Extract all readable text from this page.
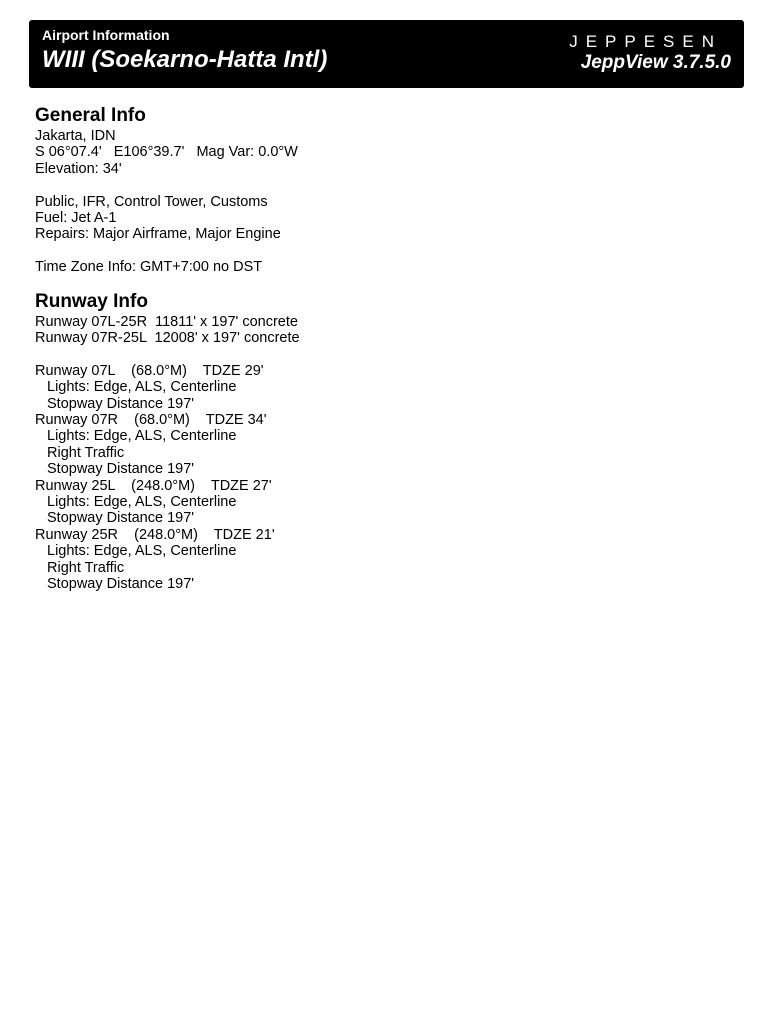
Airport Information
WIII (Soekarno-Hatta Intl)
JEPPESEN
JeppView 3.7.5.0
General Info

Jakarta, IDN

S 06°07.4'   E106°39.7'   Mag Var: 0.0°W

Elevation: 34'

Public, IFR, Control Tower, Customs

Fuel: Jet A-1

Repairs: Major Airframe, Major Engine

Time Zone Info: GMT+7:00 no DST

Runway Info

Runway 07L-25R  11811' x 197' concrete

Runway 07R-25L  12008' x 197' concrete

Runway 07L    (68.0°M)    TDZE 29'

Lights: Edge, ALS, Centerline

Stopway Distance 197'

Runway 07R    (68.0°M)    TDZE 34'

Lights: Edge, ALS, Centerline

Right Traffic

Stopway Distance 197'

Runway 25L    (248.0°M)    TDZE 27'

Lights: Edge, ALS, Centerline

Stopway Distance 197'

Runway 25R    (248.0°M)    TDZE 21'

Lights: Edge, ALS, Centerline

Right Traffic

Stopway Distance 197'
